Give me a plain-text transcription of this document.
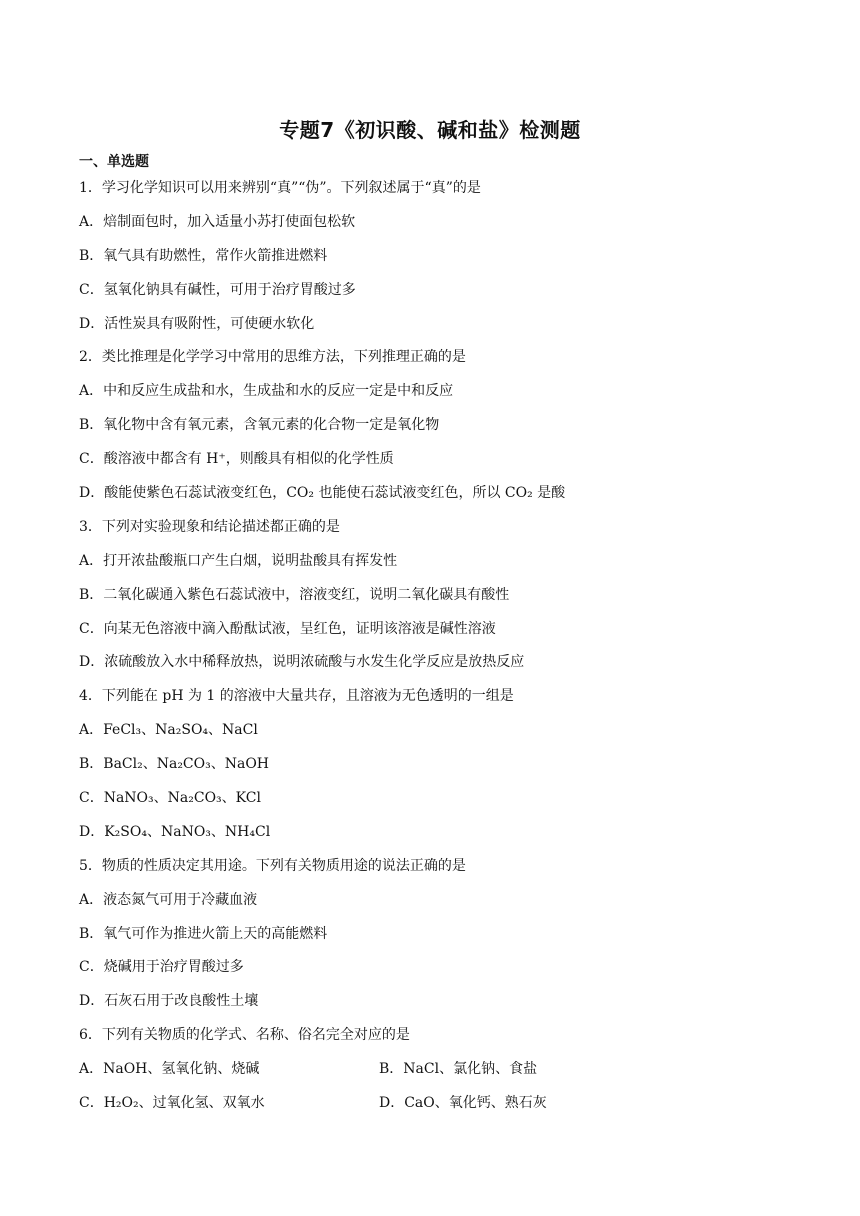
专题7《初识酸、碱和盐》检测题
一、单选题
1．学习化学知识可以用来辨别“真”“伪”。下列叙述属于“真”的是
A．焙制面包时，加入适量小苏打使面包松软
B．氧气具有助燃性，常作火箭推进燃料
C．氢氧化钠具有碱性，可用于治疗胃酸过多
D．活性炭具有吸附性，可使硬水软化
2．类比推理是化学学习中常用的思维方法，下列推理正确的是
A．中和反应生成盐和水，生成盐和水的反应一定是中和反应
B．氧化物中含有氧元素，含氧元素的化合物一定是氧化物
C．酸溶液中都含有 H⁺，则酸具有相似的化学性质
D．酸能使紫色石蕊试液变红色，CO₂ 也能使石蕊试液变红色，所以 CO₂ 是酸
3．下列对实验现象和结论描述都正确的是
A．打开浓盐酸瓶口产生白烟，说明盐酸具有挥发性
B．二氧化碳通入紫色石蕊试液中，溶液变红，说明二氧化碳具有酸性
C．向某无色溶液中滴入酚酞试液，呈红色，证明该溶液是碱性溶液
D．浓硫酸放入水中稀释放热，说明浓硫酸与水发生化学反应是放热反应
4．下列能在 pH 为 1 的溶液中大量共存，且溶液为无色透明的一组是
A．FeCl₃、Na₂SO₄、NaCl
B．BaCl₂、Na₂CO₃、NaOH
C．NaNO₃、Na₂CO₃、KCl
D．K₂SO₄、NaNO₃、NH₄Cl
5．物质的性质决定其用途。下列有关物质用途的说法正确的是
A．液态氮气可用于冷藏血液
B．氧气可作为推进火箭上天的高能燃料
C．烧碱用于治疗胃酸过多
D．石灰石用于改良酸性土壤
6．下列有关物质的化学式、名称、俗名完全对应的是
A．NaOH、氢氧化钠、烧碱	B．NaCl、氯化钠、食盐
C．H₂O₂、过氧化氢、双氧水	D．CaO、氧化钙、熟石灰
